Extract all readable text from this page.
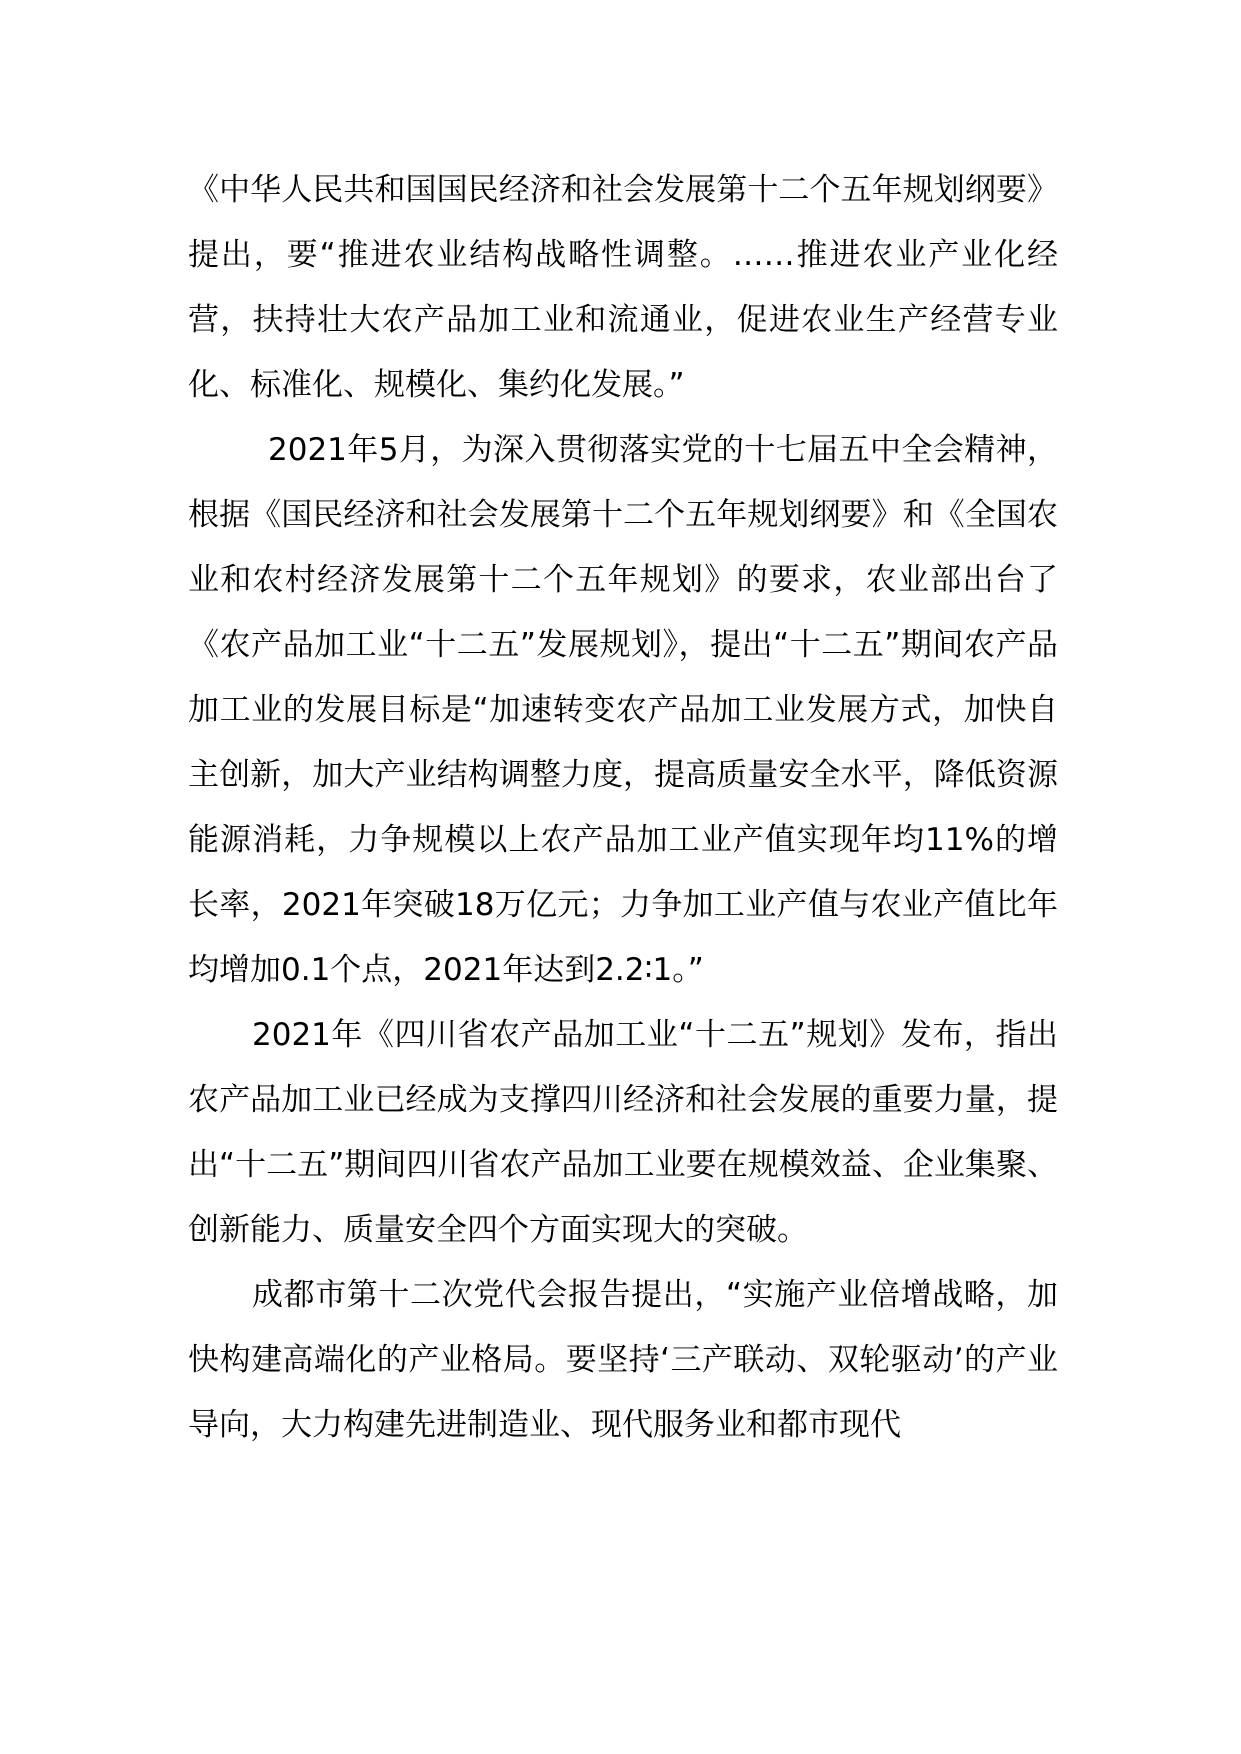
《中华人民共和国国民经济和社会发展第十二个五年规划纲要》提出，要“推进农业结构战略性调整。……推进农业产业化经营，扶持壮大农产品加工业和流通业，促进农业生产经营专业化、标准化、规模化、集约化发展。”

2021年5月，为深入贯彻落实党的十七届五中全会精神，根据《国民经济和社会发展第十二个五年规划纲要》和《全国农业和农村经济发展第十二个五年规划》的要求，农业部出台了《农产品加工业“十二五”发展规划》，提出“十二五”期间农产品加工业的发展目标是“加速转变农产品加工业发展方式，加快自主创新，加大产业结构调整力度，提高质量安全水平，降低资源能源消耗，力争规模以上农产品加工业产值实现年均11%的增长率，2021年突破18万亿元；力争加工业产值与农业产值比年均增加0.1个点，2021年达到2.2∶1。”

2021年《四川省农产品加工业“十二五”规划》发布，指出农产品加工业已经成为支撑四川经济和社会发展的重要力量，提出“十二五”期间四川省农产品加工业要在规模效益、企业集聚、创新能力、质量安全四个方面实现大的突破。

成都市第十二次党代会报告提出，“实施产业倍增战略，加快构建高端化的产业格局。要坚持‘三产联动、双轮驱动’的产业导向，大力构建先进制造业、现代服务业和都市现代
